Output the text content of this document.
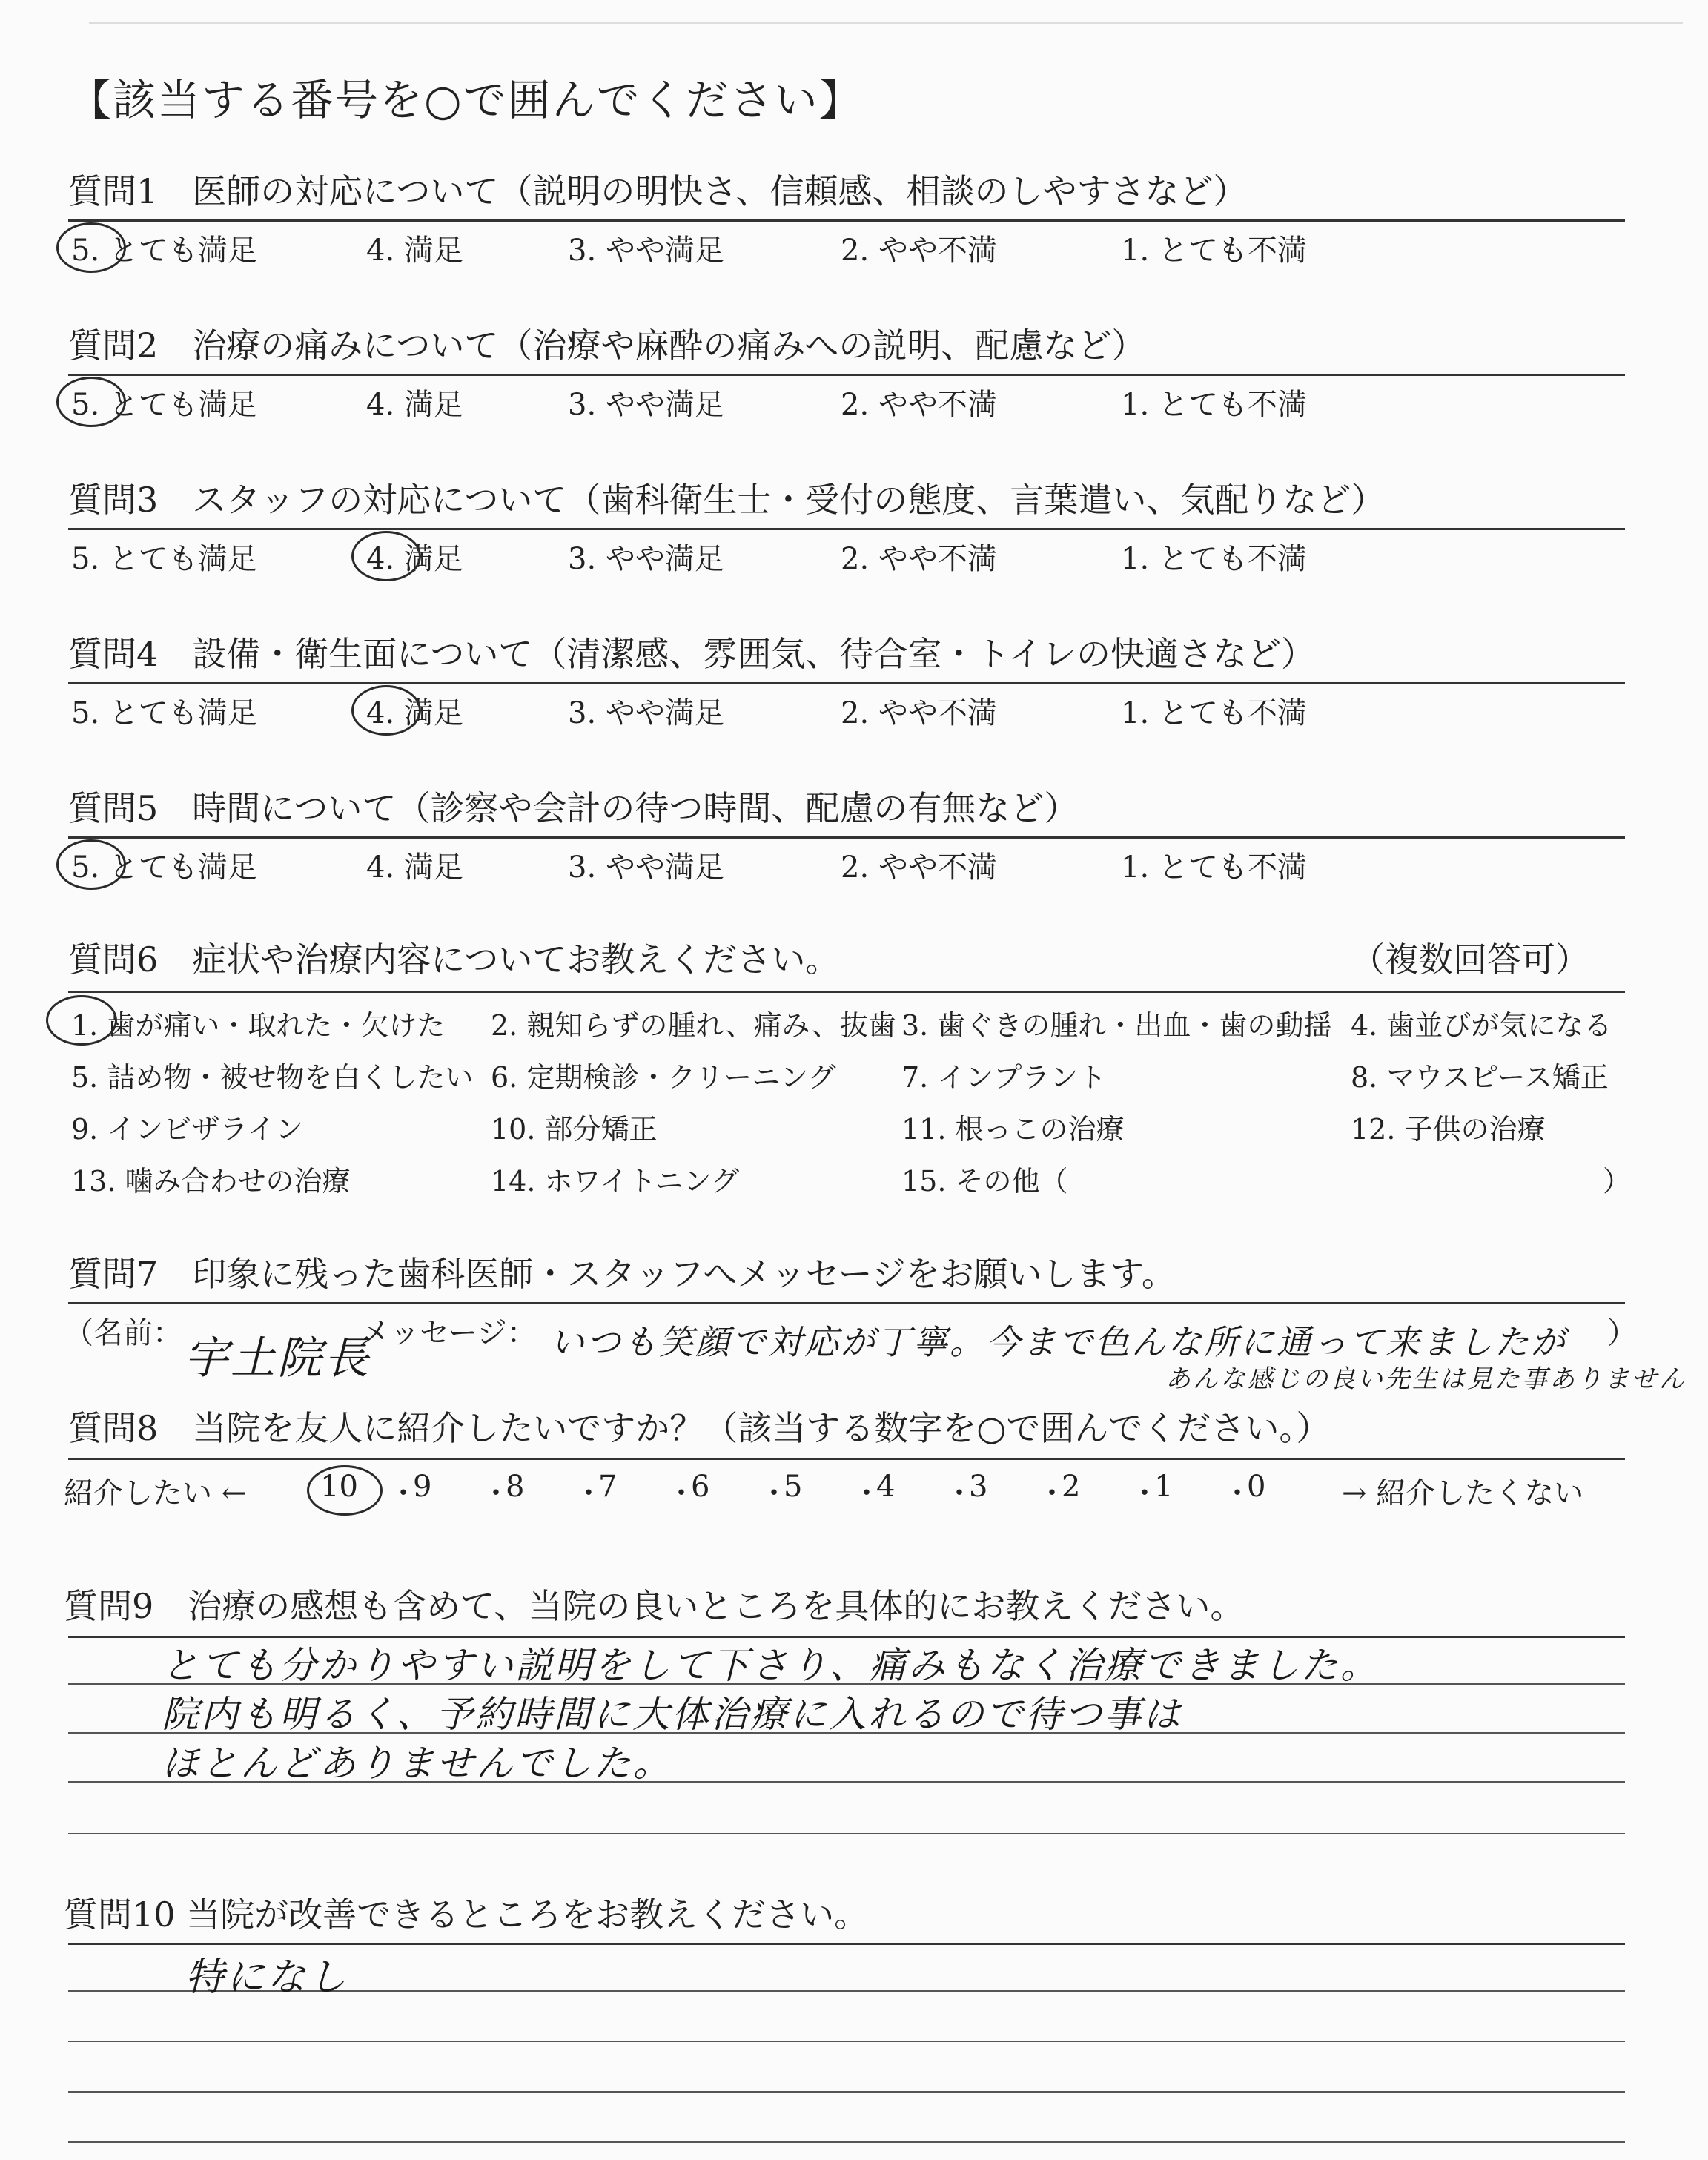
【該当する番号を○で囲んでください】
質問1　医師の対応について（説明の明快さ、信頼感、相談のしやすさなど）
5. とても満足	4. 満足	3. やや満足	2. やや不満	1. とても不満
質問2　治療の痛みについて（治療や麻酔の痛みへの説明、配慮など）
5. とても満足	4. 満足	3. やや満足	2. やや不満	1. とても不満
質問3　スタッフの対応について（歯科衛生士・受付の態度、言葉遣い、気配りなど）
5. とても満足	4. 満足	3. やや満足	2. やや不満	1. とても不満
質問4　設備・衛生面について（清潔感、雰囲気、待合室・トイレの快適さなど）
5. とても満足	4. 満足	3. やや満足	2. やや不満	1. とても不満
質問5　時間について（診察や会計の待つ時間、配慮の有無など）
5. とても満足	4. 満足	3. やや満足	2. やや不満	1. とても不満
質問6　症状や治療内容についてお教えください。	（複数回答可）
1. 歯が痛い・取れた・欠けた 2. 親知らずの腫れ、痛み、抜歯 3. 歯ぐきの腫れ・出血・歯の動揺 4. 歯並びが気になる
5. 詰め物・被せ物を白くしたい 6. 定期検診・クリーニング 7. インプラント	8. マウスピース矯正
9. インビザライン	10. 部分矯正	11. 根っこの治療	12. 子供の治療
13. 噛み合わせの治療	14. ホワイトニング	15. その他（	）
質問7　印象に残った歯科医師・スタッフへメッセージをお願いします。
（名前： 宇土院長
メッセージ： いつも笑顔で対応が丁寧。今まで色んな所に通って来ましたが
あんな感じの良い先生は見た事ありません
）
質問8　当院を友人に紹介したいですか？（該当する数字を○で囲んでください。）
紹介したい ← 10 ・
9 ・
8 ・
7 ・
6 ・
5 ・
4 ・
3 ・
2 ・
1 ・
0	→ 紹介したくない
質問9　治療の感想も含めて、当院の良いところを具体的にお教えください。
とても分かりやすい説明をして下さり、痛みもなく治療できました。
院内も明るく、予約時間に大体治療に入れるので待つ事は
ほとんどありませんでした。
質問10 当院が改善できるところをお教えください。
特になし
